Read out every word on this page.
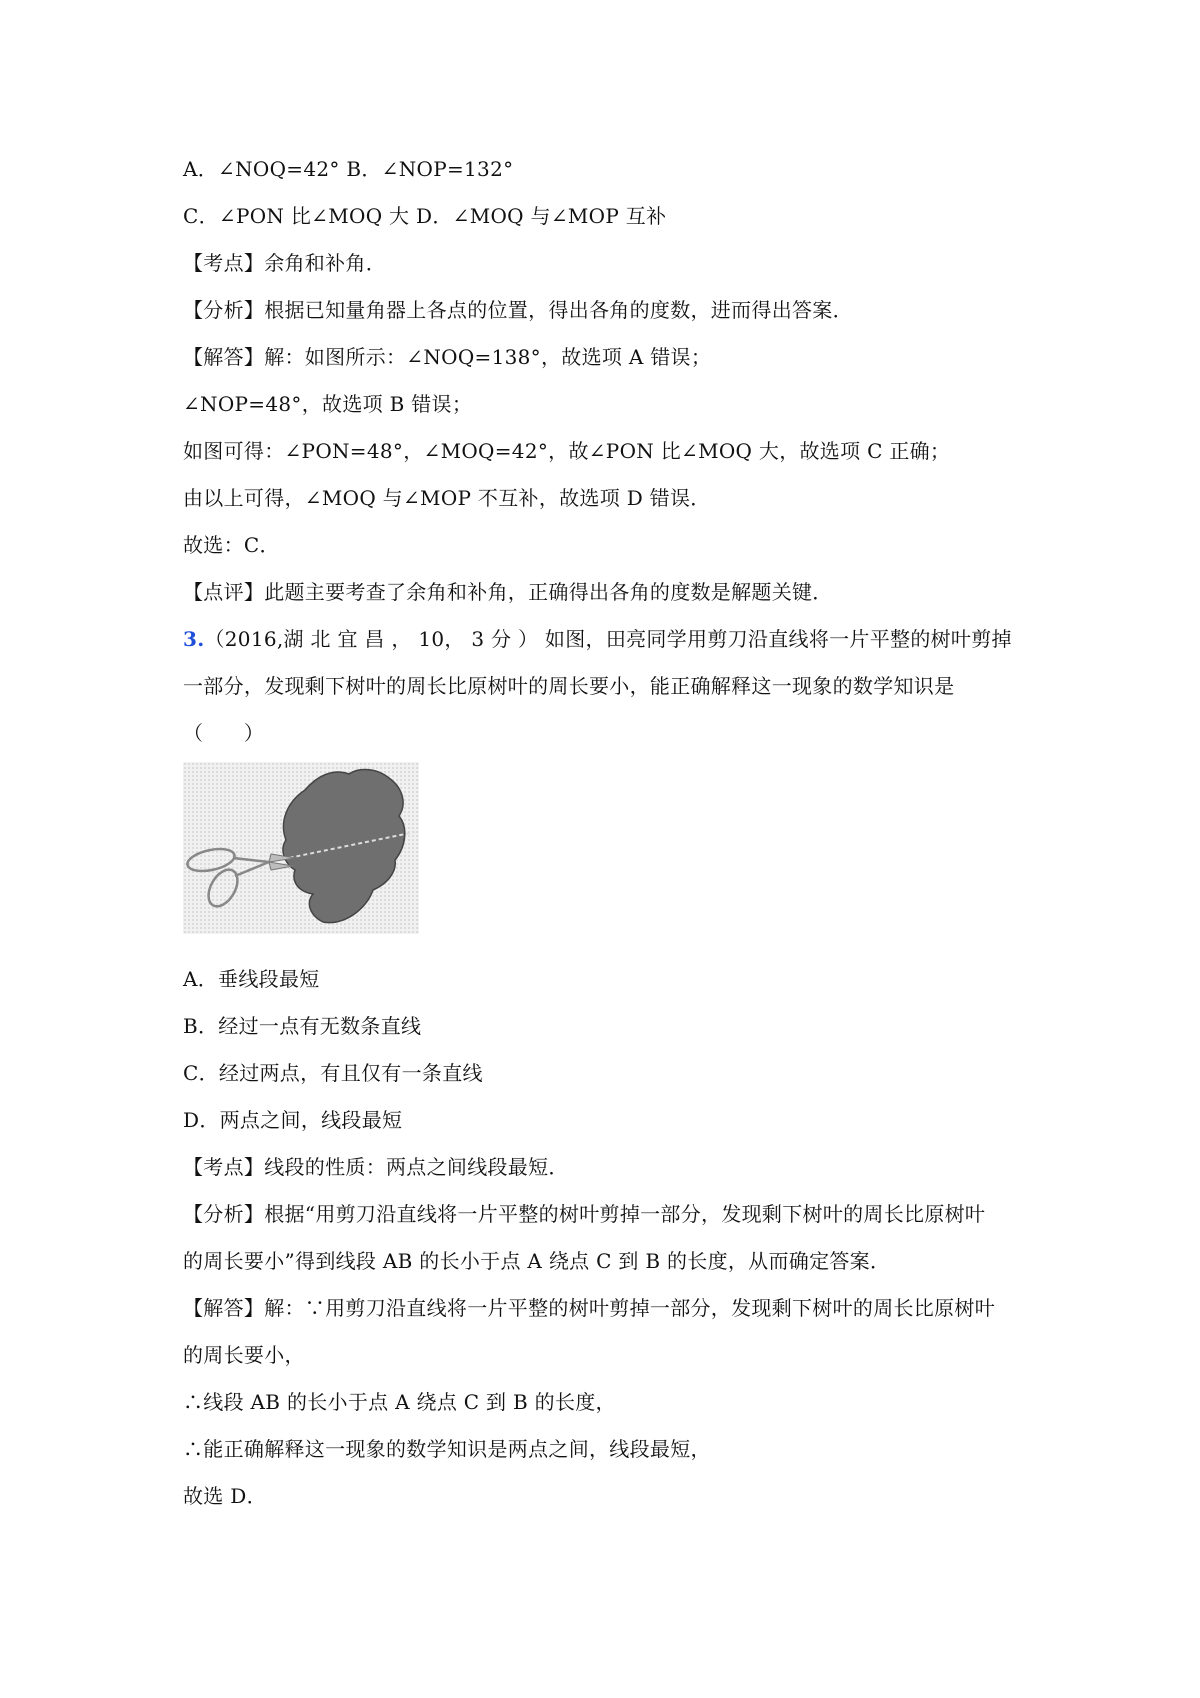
A．∠NOQ=42° B．∠NOP=132°
C．∠PON 比∠MOQ 大 D．∠MOQ 与∠MOP 互补
【考点】余角和补角．
【分析】根据已知量角器上各点的位置，得出各角的度数，进而得出答案．
【解答】解：如图所示：∠NOQ=138°，故选项 A 错误；
∠NOP=48°，故选项 B 错误；
如图可得：∠PON=48°，∠MOQ=42°，故∠PON 比∠MOQ 大，故选项 C 正确；
由以上可得，∠MOQ 与∠MOP 不互补，故选项 D 错误．
故选：C．
【点评】此题主要考查了余角和补角，正确得出各角的度数是解题关键．
3.（2016,湖 北 宜 昌 ， 10， 3 分 ） 如图，田亮同学用剪刀沿直线将一片平整的树叶剪掉
一部分，发现剩下树叶的周长比原树叶的周长要小，能正确解释这一现象的数学知识是
（　　）
A．垂线段最短
B．经过一点有无数条直线
C．经过两点，有且仅有一条直线
D．两点之间，线段最短
【考点】线段的性质：两点之间线段最短．
【分析】根据“用剪刀沿直线将一片平整的树叶剪掉一部分，发现剩下树叶的周长比原树叶
的周长要小”得到线段 AB 的长小于点 A 绕点 C 到 B 的长度，从而确定答案．
【解答】解：∵用剪刀沿直线将一片平整的树叶剪掉一部分，发现剩下树叶的周长比原树叶
的周长要小，
∴线段 AB 的长小于点 A 绕点 C 到 B 的长度，
∴能正确解释这一现象的数学知识是两点之间，线段最短，
故选 D．
